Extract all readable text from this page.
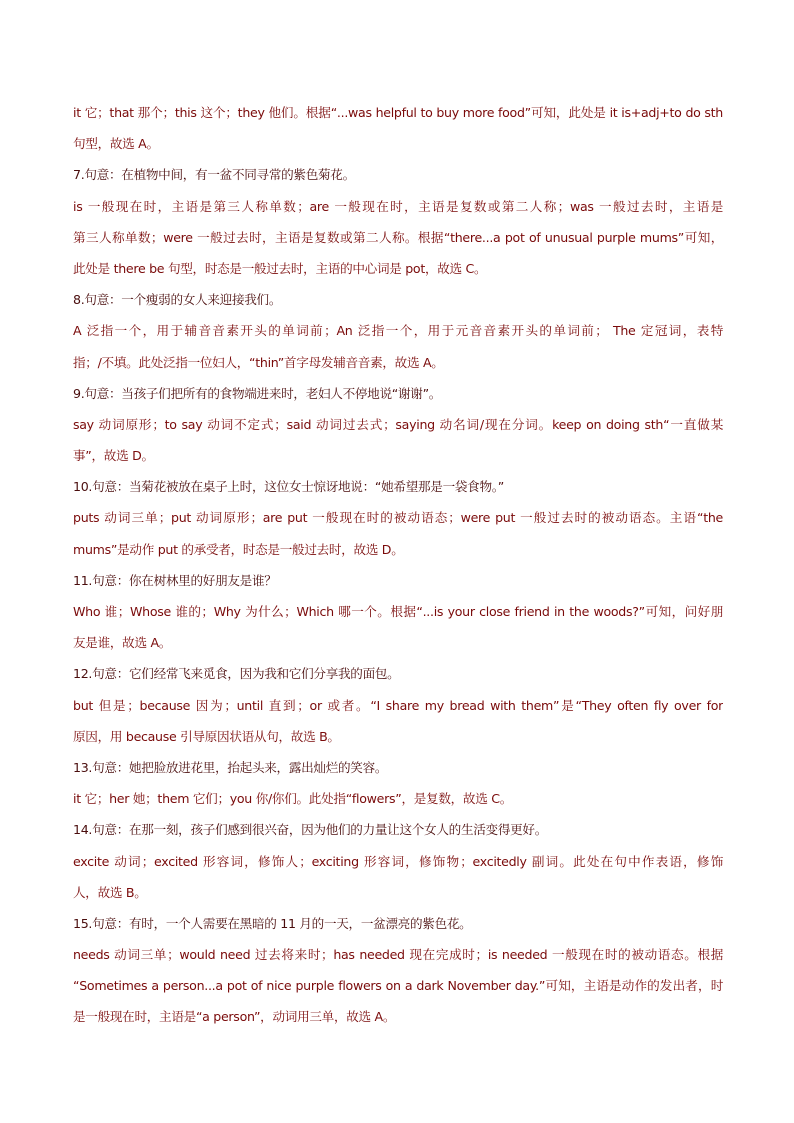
it 它；that 那个；this 这个；they 他们。根据“...was helpful to buy more food”可知，此处是 it is+adj+to do sth
句型，故选 A。
7.句意：在植物中间，有一盆不同寻常的紫色菊花。
is 一般现在时，主语是第三人称单数；are 一般现在时，主语是复数或第二人称；was 一般过去时，主语是
第三人称单数；were 一般过去时，主语是复数或第二人称。根据“there...a pot of unusual purple mums”可知，
此处是 there be 句型，时态是一般过去时，主语的中心词是 pot，故选 C。
8.句意：一个瘦弱的女人来迎接我们。
A 泛指一个，用于辅音音素开头的单词前；An 泛指一个，用于元音音素开头的单词前； The 定冠词，表特
指；/不填。此处泛指一位妇人，“thin”首字母发辅音音素，故选 A。
9.句意：当孩子们把所有的食物端进来时，老妇人不停地说“谢谢”。
say 动词原形；to say 动词不定式；said 动词过去式；saying 动名词/现在分词。keep on doing sth“一直做某
事”，故选 D。
10.句意：当菊花被放在桌子上时，这位女士惊讶地说：“她希望那是一袋食物。”
puts 动词三单；put 动词原形；are put 一般现在时的被动语态；were put 一般过去时的被动语态。主语“the
mums”是动作 put 的承受者，时态是一般过去时，故选 D。
11.句意：你在树林里的好朋友是谁？
Who 谁；Whose 谁的；Why 为什么；Which 哪一个。根据“...is your close friend in the woods?”可知，问好朋
友是谁，故选 A。
12.句意：它们经常飞来觅食，因为我和它们分享我的面包。
but 但是；because 因为；until 直到；or 或者。“I share my bread with them”是“They often fly over for
原因，用 because 引导原因状语从句，故选 B。
13.句意：她把脸放进花里，抬起头来，露出灿烂的笑容。
it 它；her 她；them 它们；you 你/你们。此处指“flowers”，是复数，故选 C。
14.句意：在那一刻，孩子们感到很兴奋，因为他们的力量让这个女人的生活变得更好。
excite 动词；excited 形容词，修饰人；exciting 形容词，修饰物；excitedly 副词。此处在句中作表语，修饰
人，故选 B。
15.句意：有时，一个人需要在黑暗的 11 月的一天，一盆漂亮的紫色花。
needs 动词三单；would need 过去将来时；has needed 现在完成时；is needed 一般现在时的被动语态。根据
“Sometimes a person...a pot of nice purple flowers on a dark November day.”可知，主语是动作的发出者，时
是一般现在时，主语是“a person”，动词用三单，故选 A。
